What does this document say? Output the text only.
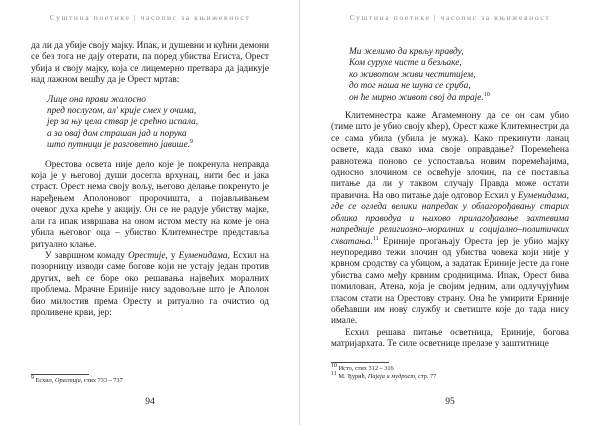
Суштина поетике | часопис за књижевност

да ли да убије своју мајку. Ипак, и душевни и кућни демони се без тога не дају отерати, па поред убиства Егиста, Орест убија и своју мајку, која се лицемерно претвара да јадикује над лажном вешћу да је Орест мртав:

Лице она прави жалосно
пред послугом, ал' крије смех у очима,
јер за њу цела ствар је срећно испала,
а за овај дом страшан јад и порука
што путници је разговетно јавише.$^9$

Орестова освета није дело које је покренула неправда која је у његовој души досегла врхунац, нити бес и јака страст. Орест нема своју вољу, његово делање покренуто је наређењем Аполоновог пророчишта, а појављивањем очевог духа креће у акцију. Он се не радује убиству мајке, али га ипак извршава на оном истом месту на коме је она убила његовог оца – убиство Клитемнестре представља ритуално клање.

У завршном комаду Орестије, у Еуменидама, Есхил на позорницу изводи саме богове који не устају један против других, већ се боре око решавања највећих моралних проблема. Мрачне Еринije нису задовољне што је Аполон био милостив према Оресту и ритуално га очистио од проливене крви, јер:

$^9$ Есхил, Орестија, стих 733 – 737
94
Суштина поетике | часопис за књижевност
Ми желимо да крвљу правду,
Ком сурухе чисте и безљаке,
ко животом живи честитијем,
до тог наша не шуна се срџба,
он ће мирно живот свој да траје.$^{10}$

Клитемнестра каже Агамемнону да се он сам убио (тиме што је убио своју кћер), Орест каже Клитемнестри да се сама убила (убила је мужа). Како прекинути ланац освете, када свако има своје оправдање? Поремећена равнотежа поново се успоставља новим поремећајима, односно злочином се освећује злочин, па се поставља питање да ли у таквом случају Правда може остати правична. На ово питање даје одговор Есхил у Еуменидама, где се огледа велики напредак у облагорођавању старих облика праводуа и њихово прилагођавање захтевима напредније религиозно–моралних и социјално–политичких схватања.$^{11}$ Ериније прогањају Ореста јер је убио мајку неупоредиво тежи злочин од убиства човека који није у крвном сродству са убицом, а задатак Ериније јесте да гоне убиства само међу крвним сродницима. Ипак, Орест бива помилован, Атена, која је својим једним, али одлучујућим гласом стати на Орестову страну. Она ће умирити Ериније обећавши им нову службу и светиште које до тада нису имале.

Есхил решава питање осветница, Ериније, богова матријархата. Те силе осветнице прелазе у заштитнице

$^{10}$ Исто, стих 312 – 316
$^{11}$ М. Ђурић, Пајеја и мудрост, стр. 77
95
